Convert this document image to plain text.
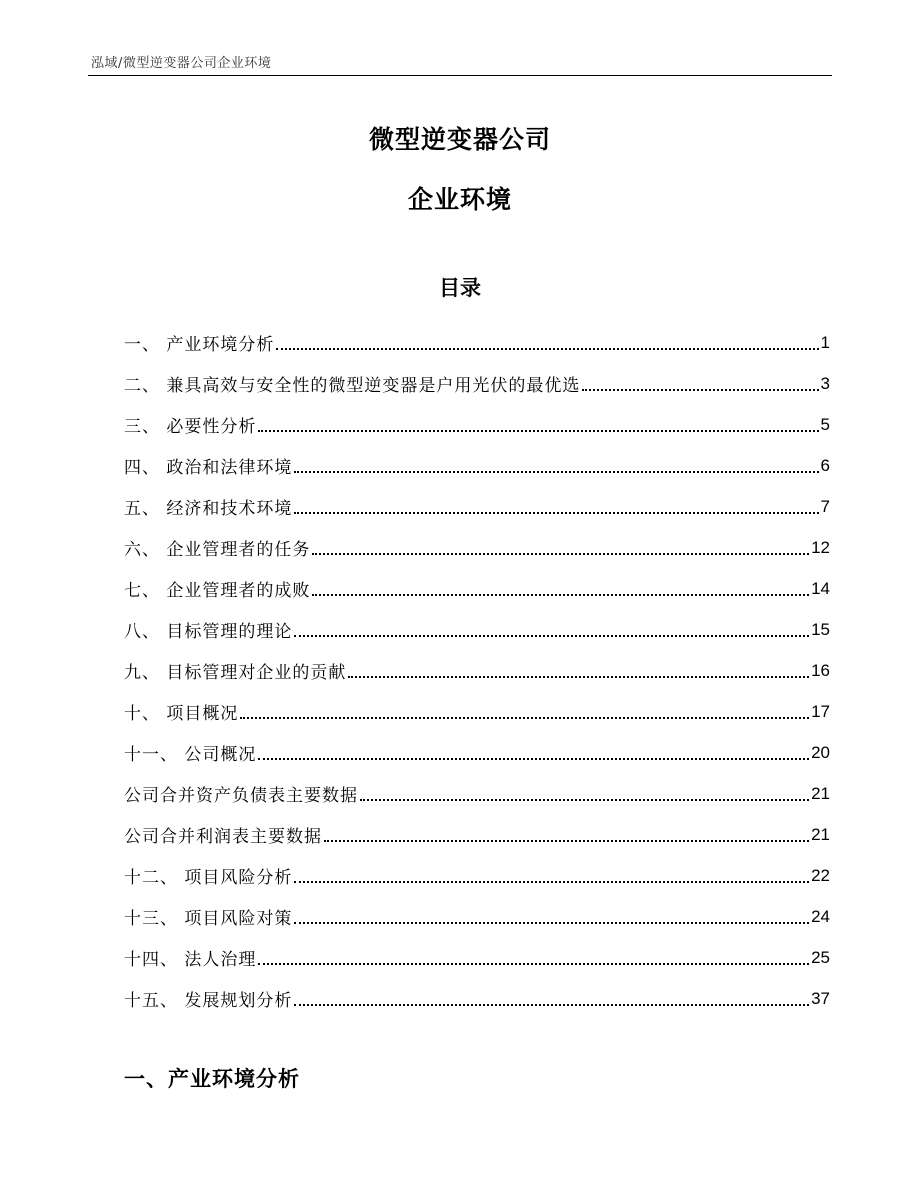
泓域/微型逆变器公司企业环境
微型逆变器公司
企业环境
目录
一、 产业环境分析	1
二、 兼具高效与安全性的微型逆变器是户用光伏的最优选	3
三、 必要性分析	5
四、 政治和法律环境	6
五、 经济和技术环境	7
六、 企业管理者的任务	12
七、 企业管理者的成败	14
八、 目标管理的理论	15
九、 目标管理对企业的贡献	16
十、 项目概况	17
十一、 公司概况	20
公司合并资产负债表主要数据	21
公司合并利润表主要数据	21
十二、 项目风险分析	22
十三、 项目风险对策	24
十四、 法人治理	25
十五、 发展规划分析	37
一、产业环境分析
